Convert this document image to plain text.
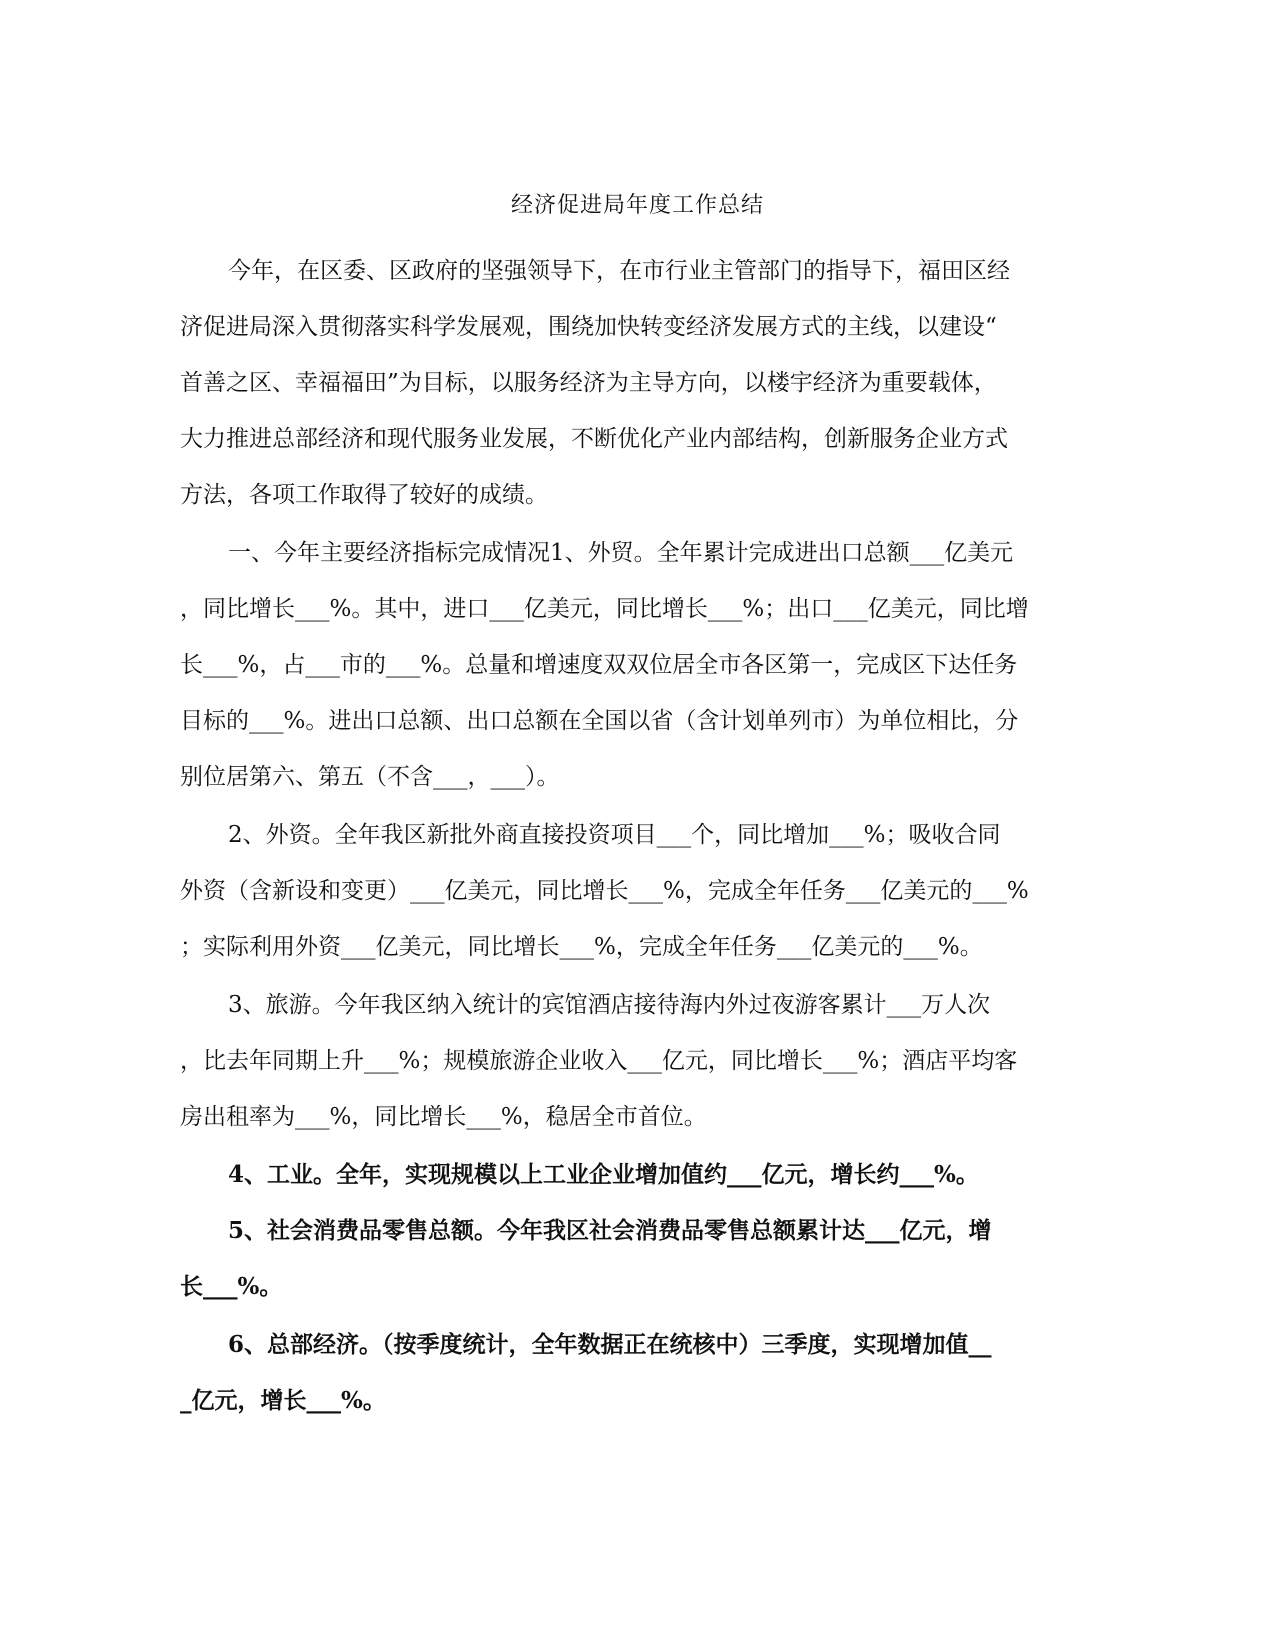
经济促进局年度工作总结
今年，在区委、区政府的坚强领导下，在市行业主管部门的指导下，福田区经
济促进局深入贯彻落实科学发展观，围绕加快转变经济发展方式的主线，以建设“
首善之区、幸福福田”为目标，以服务经济为主导方向，以楼宇经济为重要载体，
大力推进总部经济和现代服务业发展，不断优化产业内部结构，创新服务企业方式
方法，各项工作取得了较好的成绩。
一、今年主要经济指标完成情况1、外贸。全年累计完成进出口总额___亿美元
，同比增长___%。其中，进口___亿美元，同比增长___%；出口___亿美元，同比增
长___%，占___市的___%。总量和增速度双双位居全市各区第一，完成区下达任务
目标的___%。进出口总额、出口总额在全国以省（含计划单列市）为单位相比，分
别位居第六、第五（不含___，___）。
2、外资。全年我区新批外商直接投资项目___个，同比增加___%；吸收合同
外资（含新设和变更）___亿美元，同比增长___%，完成全年任务___亿美元的___%
；实际利用外资___亿美元，同比增长___%，完成全年任务___亿美元的___%。
3、旅游。今年我区纳入统计的宾馆酒店接待海内外过夜游客累计___万人次
，比去年同期上升___%；规模旅游企业收入___亿元，同比增长___%；酒店平均客
房出租率为___%，同比增长___%，稳居全市首位。
4、工业。全年，实现规模以上工业企业增加值约___亿元，增长约___%。
5、社会消费品零售总额。今年我区社会消费品零售总额累计达___亿元，增
长___%。
6、总部经济。（按季度统计，全年数据正在统核中）三季度，实现增加值__
_亿元，增长___%。
